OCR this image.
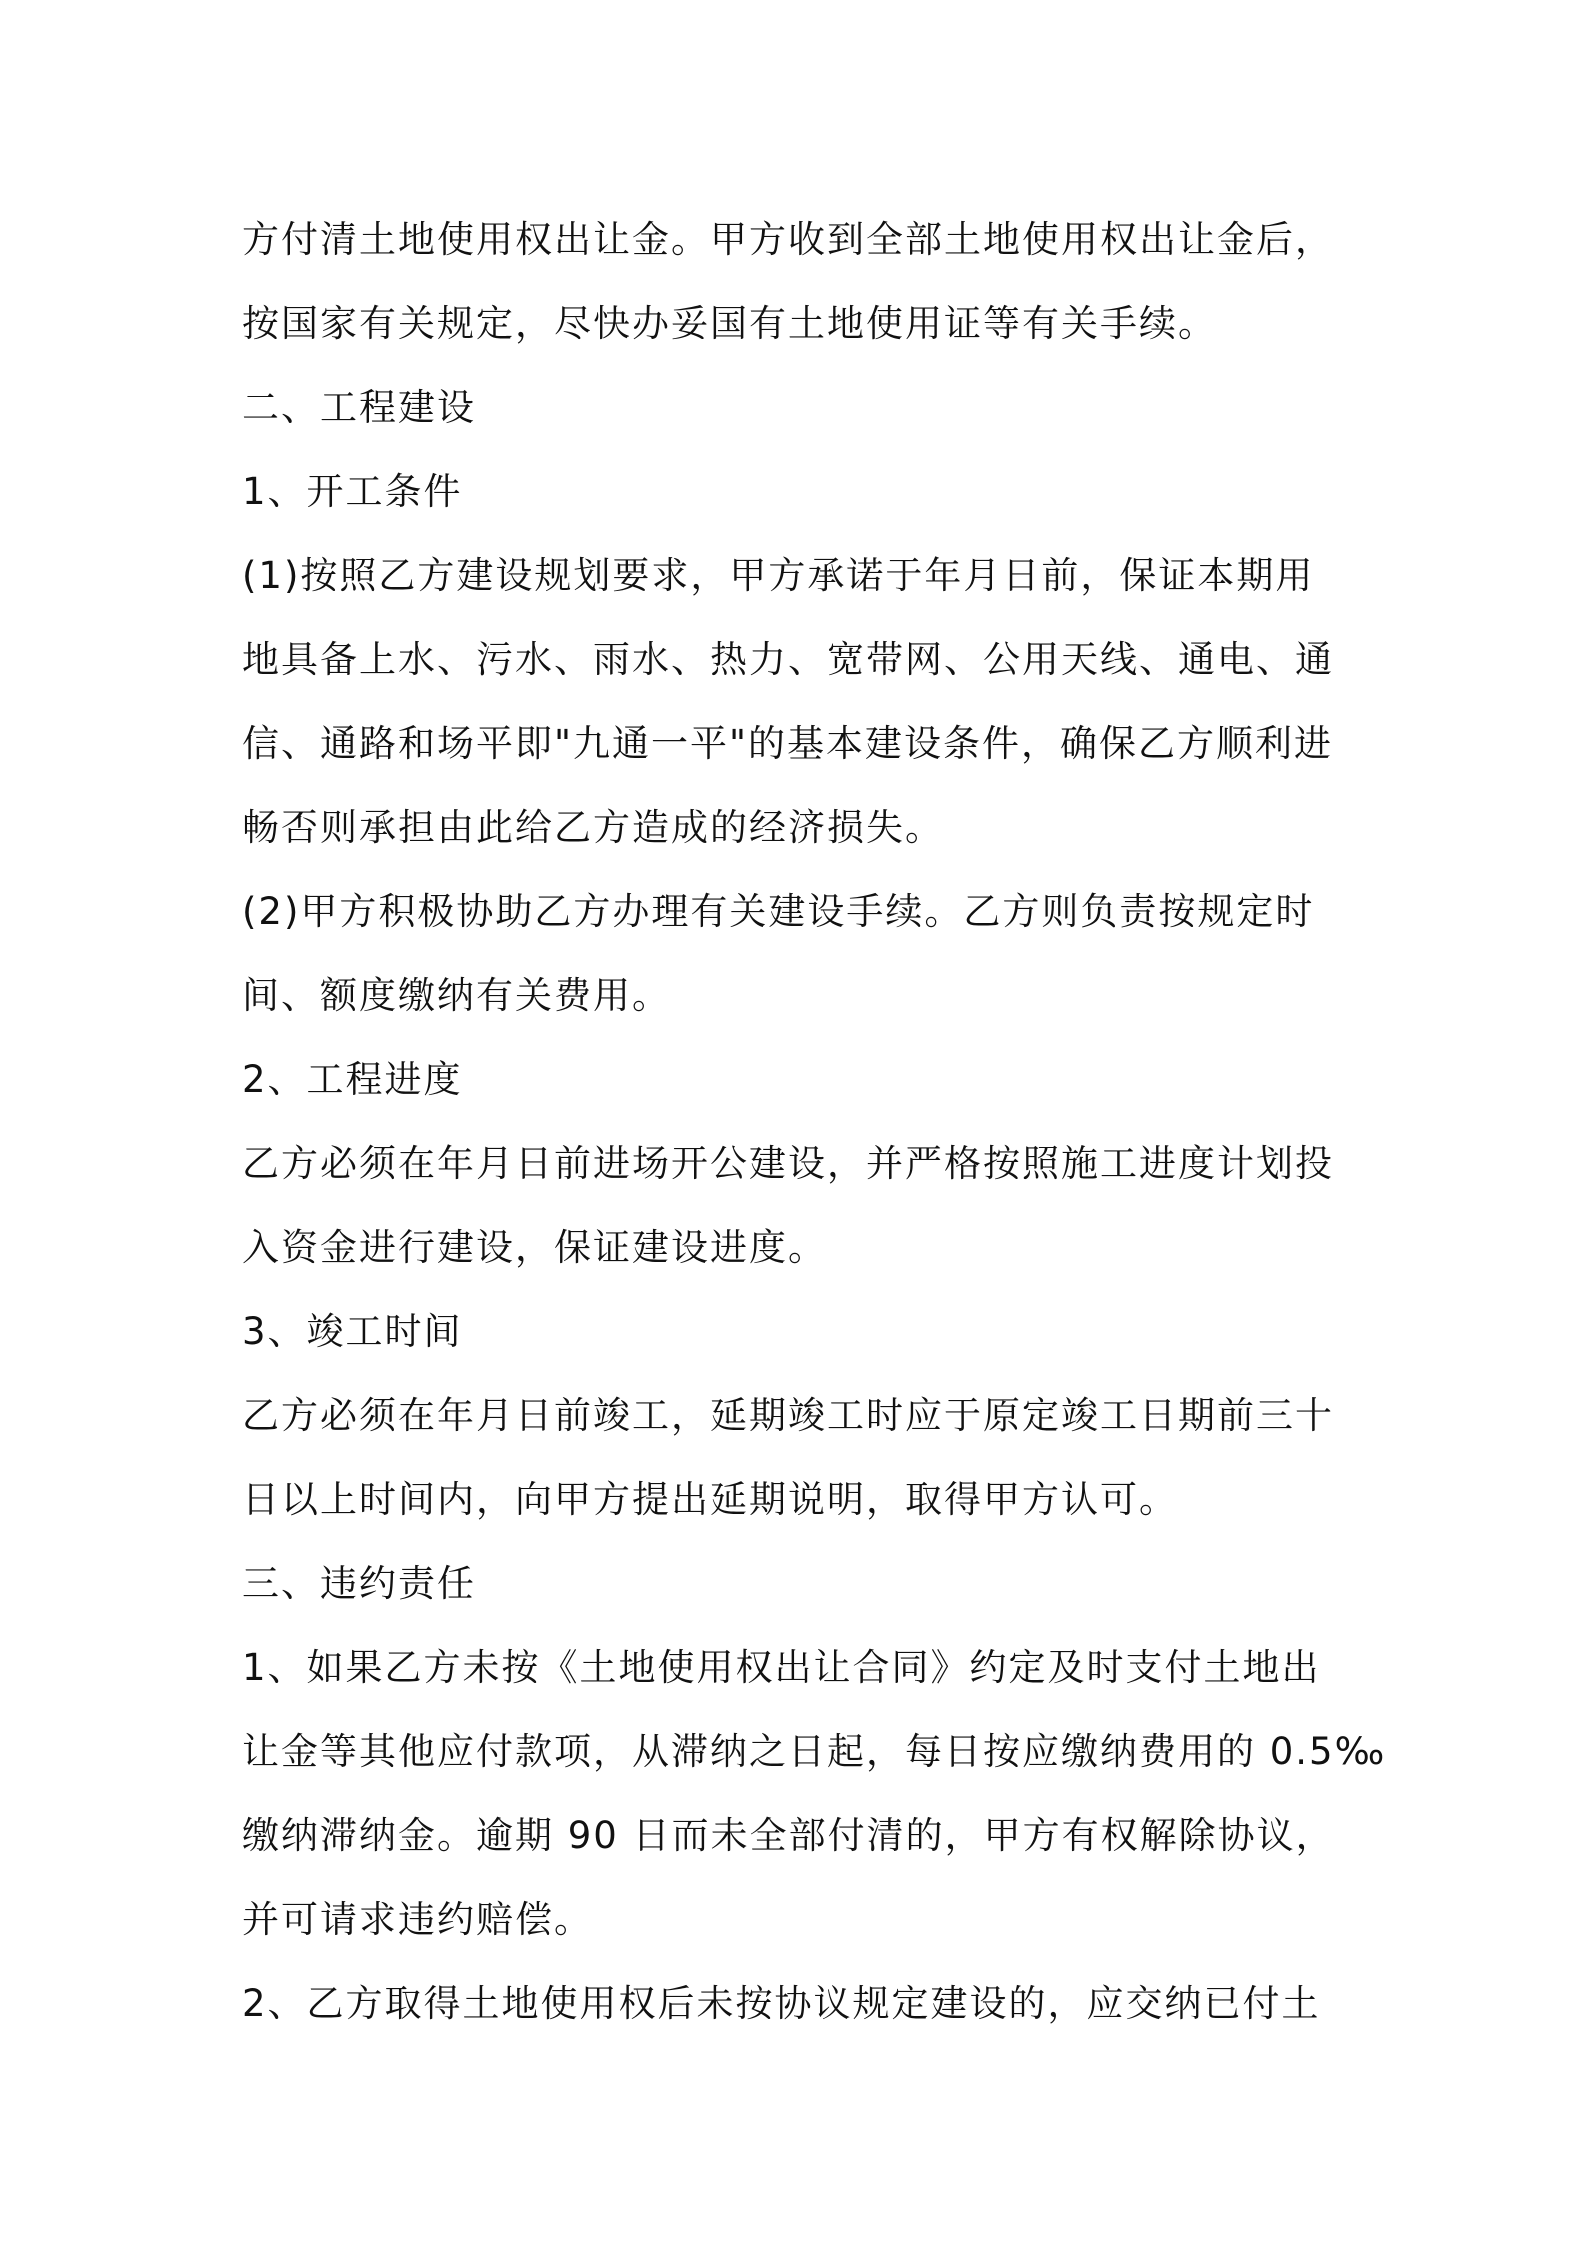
方付清土地使用权出让金。甲方收到全部土地使用权出让金后，
按国家有关规定，尽快办妥国有土地使用证等有关手续。
二、工程建设
1、开工条件
(1)按照乙方建设规划要求，甲方承诺于年月日前，保证本期用
地具备上水、污水、雨水、热力、宽带网、公用天线、通电、通
信、通路和场平即"九通一平"的基本建设条件，确保乙方顺利进
畅否则承担由此给乙方造成的经济损失。
(2)甲方积极协助乙方办理有关建设手续。乙方则负责按规定时
间、额度缴纳有关费用。
2、工程进度
乙方必须在年月日前进场开公建设，并严格按照施工进度计划投
入资金进行建设，保证建设进度。
3、竣工时间
乙方必须在年月日前竣工，延期竣工时应于原定竣工日期前三十
日以上时间内，向甲方提出延期说明，取得甲方认可。
三、违约责任
1、如果乙方未按《土地使用权出让合同》约定及时支付土地出
让金等其他应付款项，从滞纳之日起，每日按应缴纳费用的 0.5‰
缴纳滞纳金。逾期 90 日而未全部付清的，甲方有权解除协议，
并可请求违约赔偿。
2、乙方取得土地使用权后未按协议规定建设的，应交纳已付土
